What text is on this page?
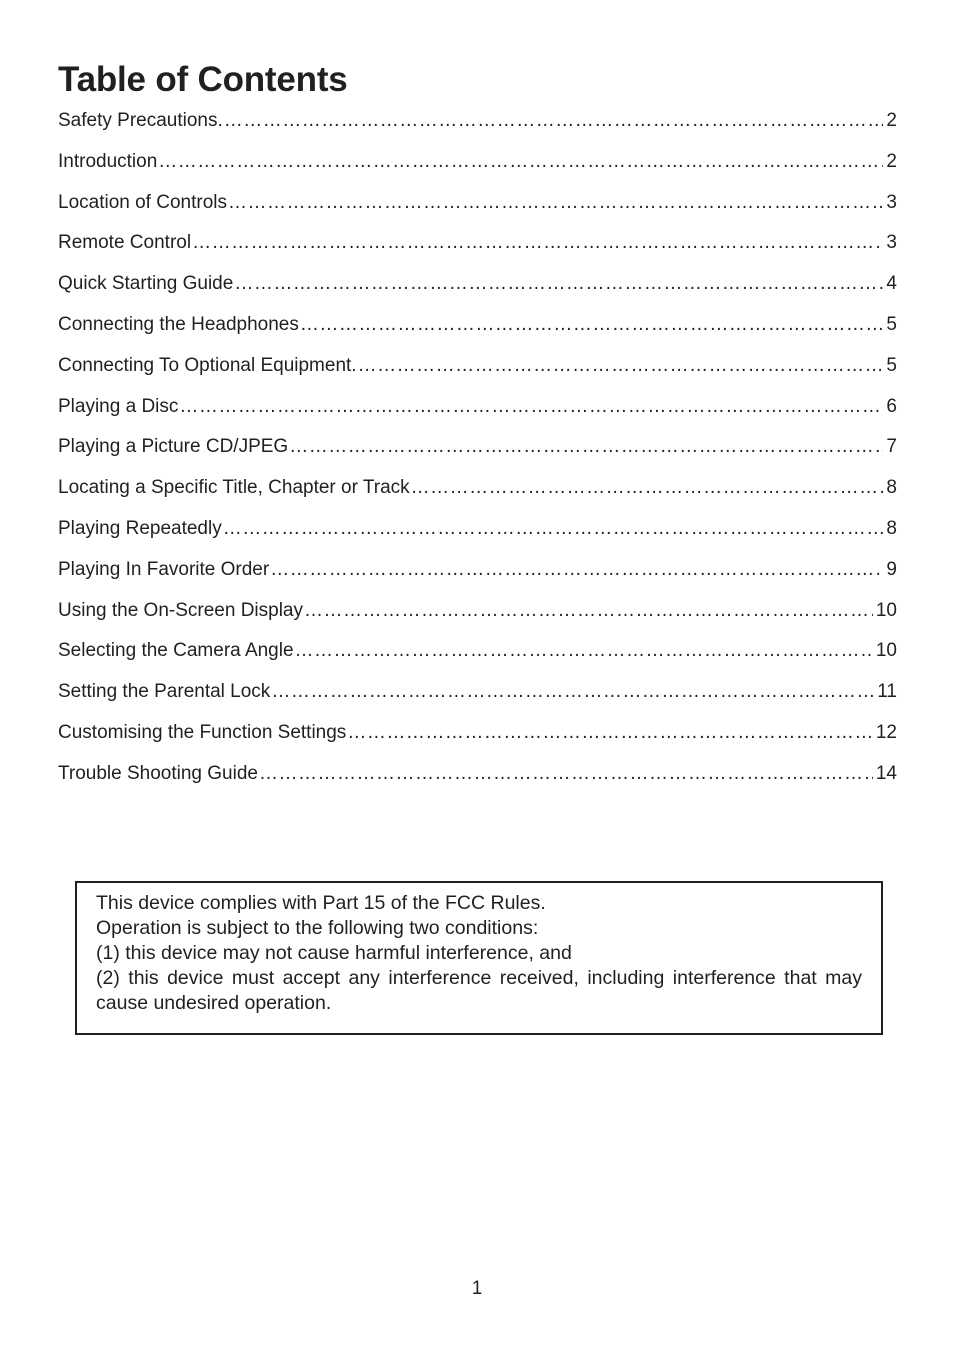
Table of Contents
Safety Precautions. ……………………………………………………………………………………………………………………………………………………………………………………………………………………	2
Introduction ……………………………………………………………………………………………………………………………………………………………………………………………………………………	2
Location of Controls ……………………………………………………………………………………………………………………………………………………………………………………………………………………	3
Remote Control ……………………………………………………………………………………………………………………………………………………………………………………………………………………	3
Quick Starting Guide ……………………………………………………………………………………………………………………………………………………………………………………………………………………	4
Connecting the Headphones ……………………………………………………………………………………………………………………………………………………………………………………………………………………	5
Connecting To Optional Equipment. ……………………………………………………………………………………………………………………………………………………………………………………………………………………	5
Playing a Disc ……………………………………………………………………………………………………………………………………………………………………………………………………………………	6
Playing a Picture CD/JPEG ……………………………………………………………………………………………………………………………………………………………………………………………………………………	7
Locating a Specific Title, Chapter or Track ……………………………………………………………………………………………………………………………………………………………………………………………………………………	8
Playing Repeatedly ……………………………………………………………………………………………………………………………………………………………………………………………………………………	8
Playing In Favorite Order ……………………………………………………………………………………………………………………………………………………………………………………………………………………	9
Using the On-Screen Display ……………………………………………………………………………………………………………………………………………………………………………………………………………………	10
Selecting the Camera Angle ……………………………………………………………………………………………………………………………………………………………………………………………………………………	10
Setting the Parental Lock ……………………………………………………………………………………………………………………………………………………………………………………………………………………	11
Customising the Function Settings ……………………………………………………………………………………………………………………………………………………………………………………………………………………	12
Trouble Shooting Guide ……………………………………………………………………………………………………………………………………………………………………………………………………………………	14

This device complies with Part 15 of the FCC Rules.

Operation is subject to the following two conditions:

(1) this device may not cause harmful interference, and

(2) this device must accept any interference received, including interference that may cause undesired operation.

1
